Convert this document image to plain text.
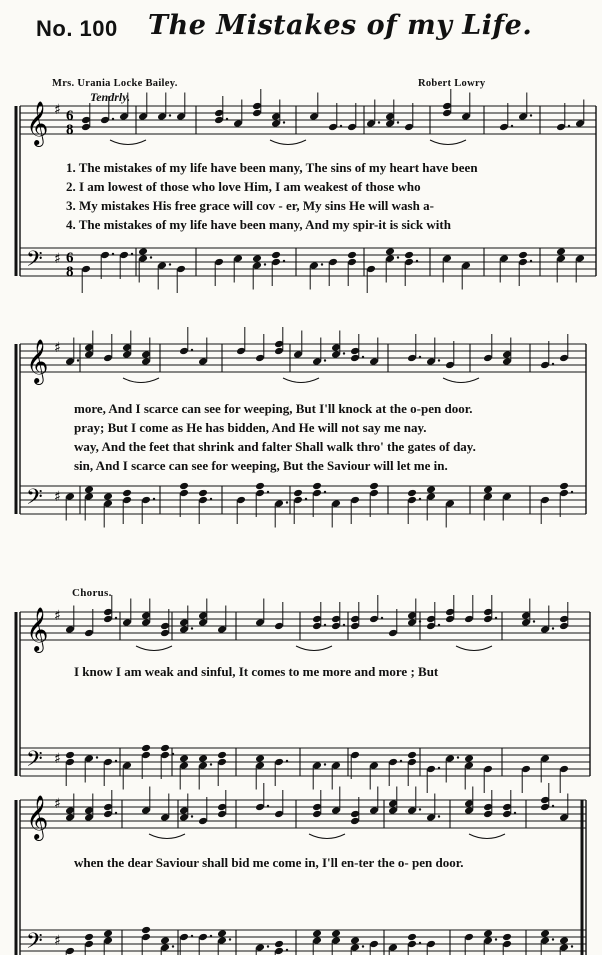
No. 100 The Mistakes of my Life.
Mrs. Urania Locke Bailey.	Robert Lowry
Tendrly.
Chorus.
𝄞
𝄢
♯
♯
6
8
6
8
𝄞
𝄢
♯
♯
𝄞
𝄢
♯
♯
𝄞
𝄢
♯
♯
1. The mistakes of my life have been many, The sins of my heart have been
2. I am lowest of those who love Him, I am weakest of those who
3. My mistakes His free grace will cov - er, My sins He will wash a-
4. The mistakes of my life have been many, And my spir-it is sick with
more, And I scarce can see for weeping, But I'll knock at the o-pen door.
pray; But I come as He has bidden, And He will not say me nay.
way, And the feet that shrink and falter Shall walk thro' the gates of day.
sin, And I scarce can see for weeping, But the Saviour will let me in.
I know I am weak and sinful, It comes to me more and more ; But
when the dear Saviour shall bid me come in, I'll en-ter the o- pen door.
